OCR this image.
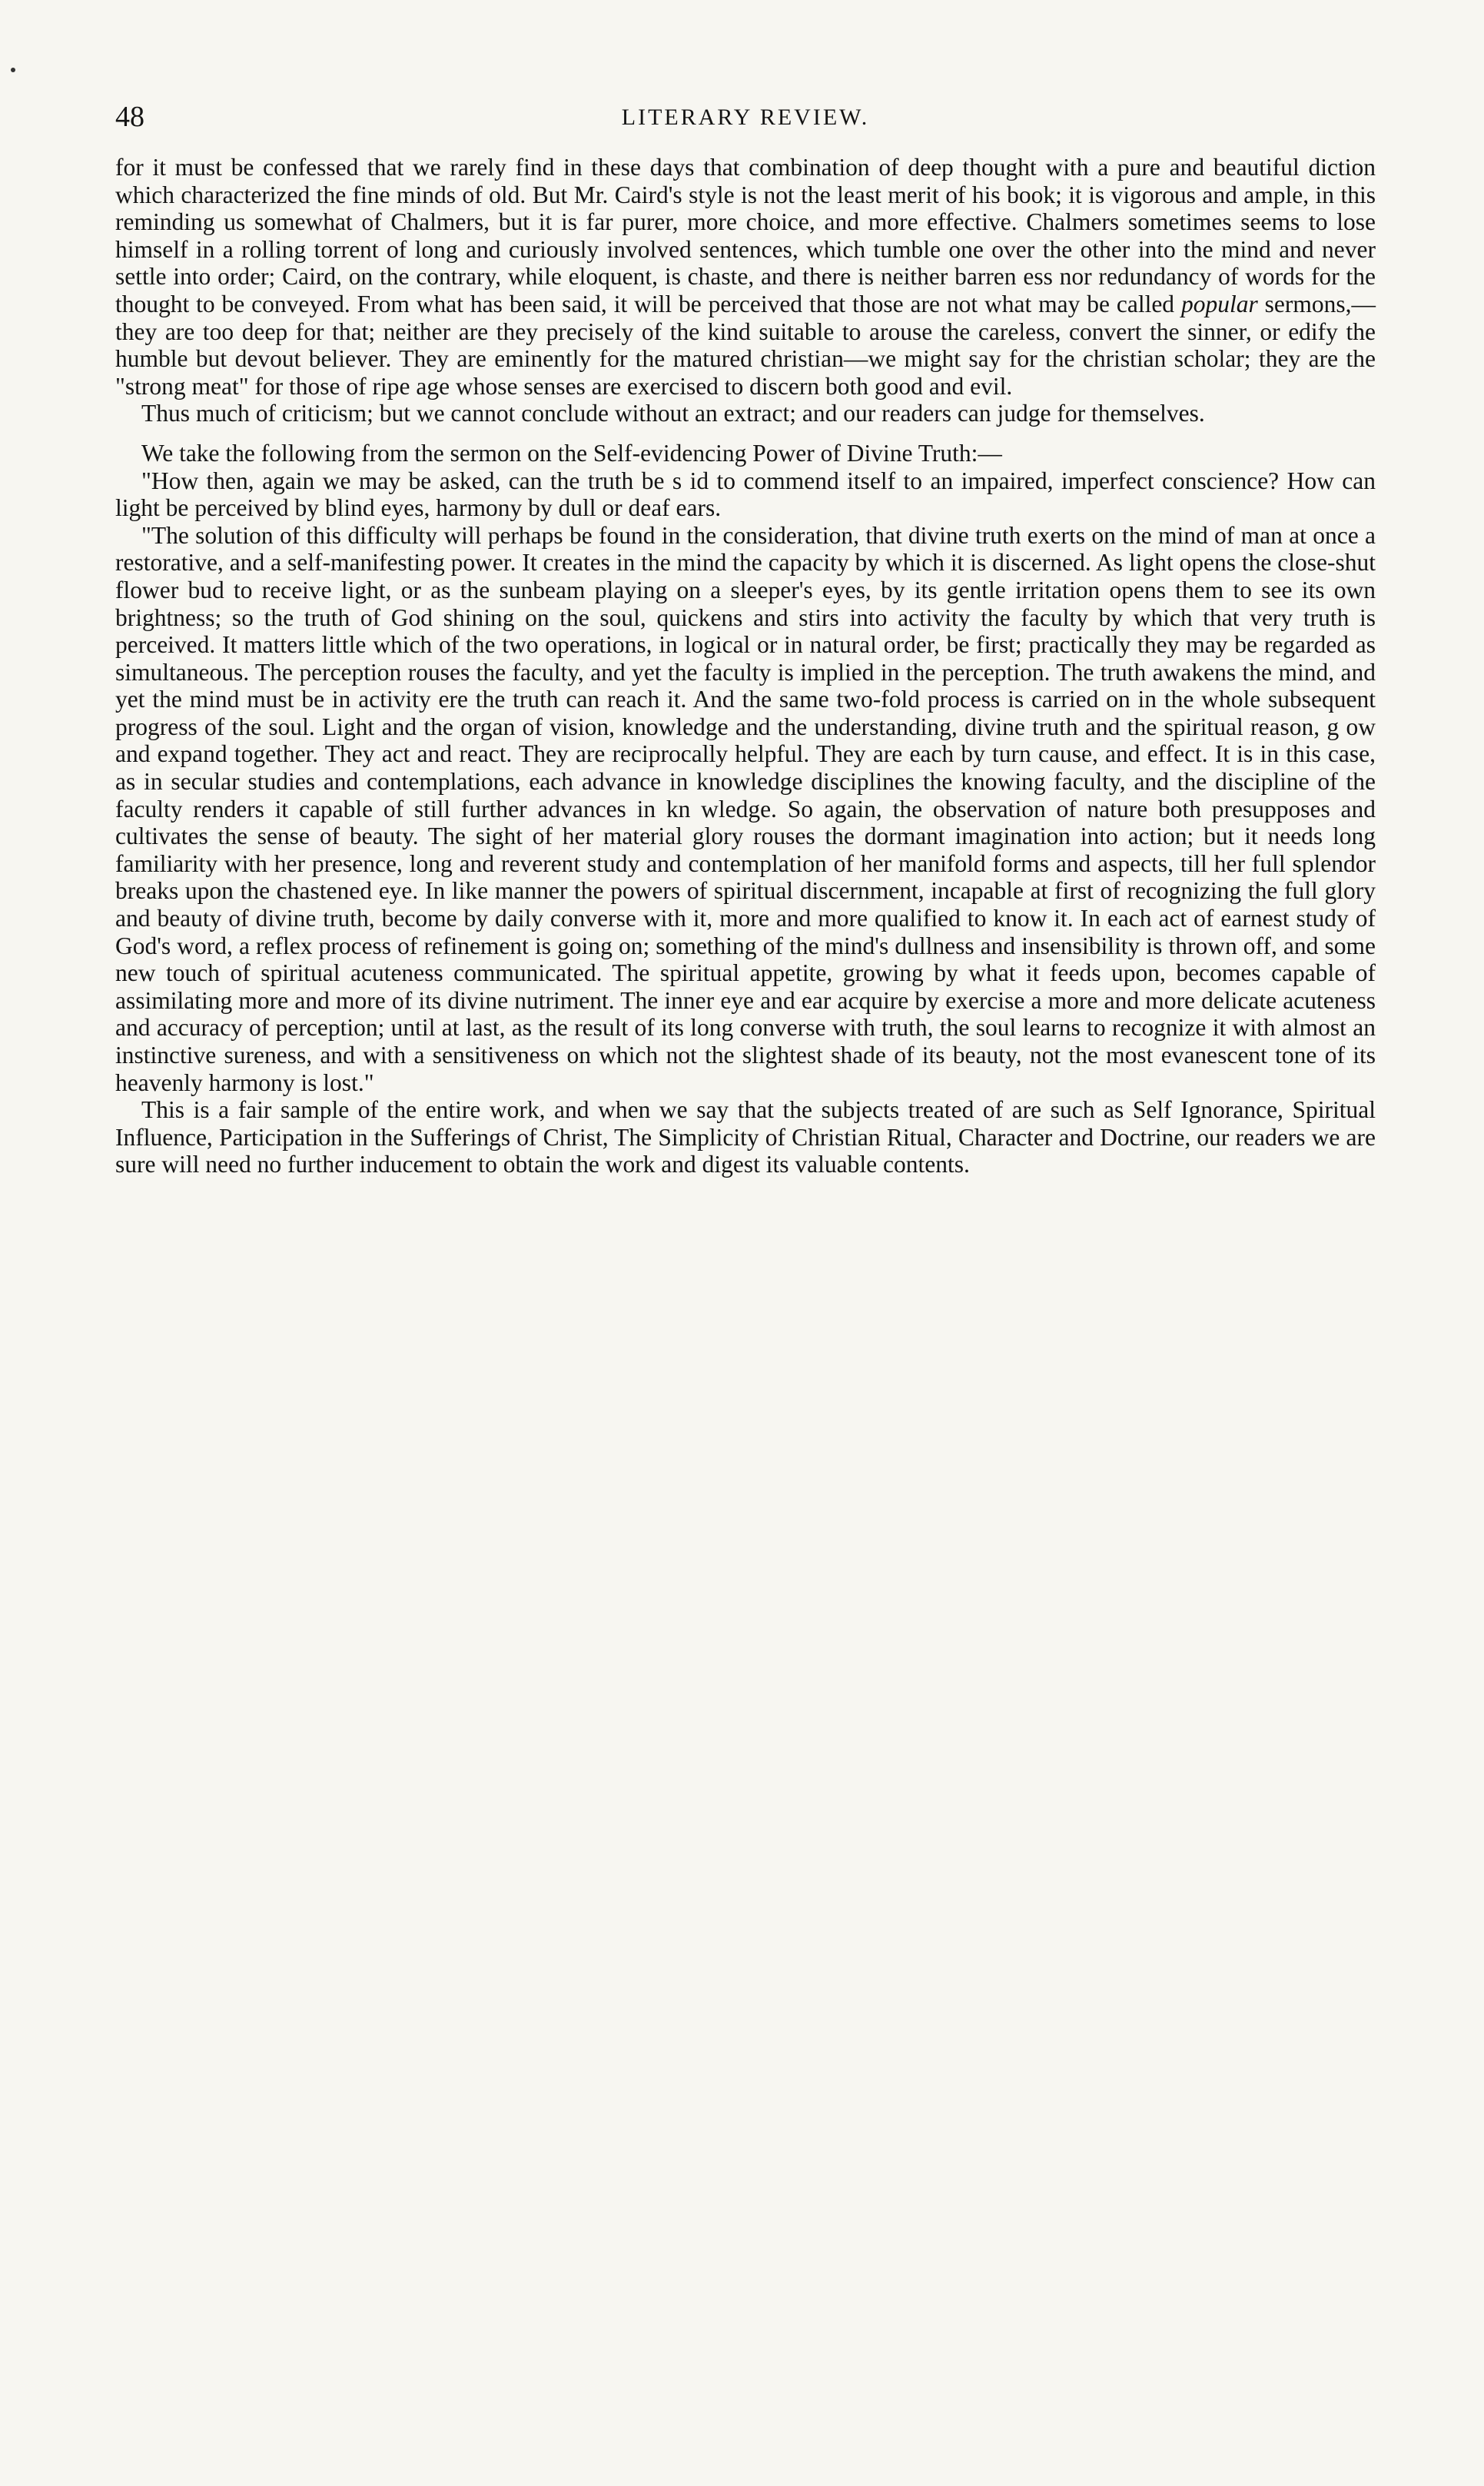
48	LITERARY REVIEW.

for it must be confessed that we rarely find in these days that combination of deep thought with a pure and beautiful diction which characterized the fine minds of old. But Mr. Caird's style is not the least merit of his book; it is vigorous and ample, in this reminding us somewhat of Chalmers, but it is far purer, more choice, and more effective. Chalmers sometimes seems to lose himself in a rolling torrent of long and curiously involved sentences, which tumble one over the other into the mind and never settle into order; Caird, on the contrary, while eloquent, is chaste, and there is neither barren ess nor redundancy of words for the thought to be conveyed. From what has been said, it will be perceived that those are not what may be called popular sermons,—they are too deep for that; neither are they precisely of the kind suitable to arouse the careless, convert the sinner, or edify the humble but devout believer. They are eminently for the matured christian—we might say for the christian scholar; they are the "strong meat" for those of ripe age whose senses are exercised to discern both good and evil.

Thus much of criticism; but we cannot conclude without an extract; and our readers can judge for themselves.

We take the following from the sermon on the Self-evidencing Power of Divine Truth:—

"How then, again we may be asked, can the truth be s id to commend itself to an impaired, imperfect conscience? How can light be perceived by blind eyes, harmony by dull or deaf ears.

"The solution of this difficulty will perhaps be found in the consideration, that divine truth exerts on the mind of man at once a restorative, and a self-manifesting power. It creates in the mind the capacity by which it is discerned. As light opens the close-shut flower bud to receive light, or as the sunbeam playing on a sleeper's eyes, by its gentle irritation opens them to see its own brightness; so the truth of God shining on the soul, quickens and stirs into activity the faculty by which that very truth is perceived. It matters little which of the two operations, in logical or in natural order, be first; practically they may be regarded as simultaneous. The perception rouses the faculty, and yet the faculty is implied in the perception. The truth awakens the mind, and yet the mind must be in activity ere the truth can reach it. And the same two-fold process is carried on in the whole subsequent progress of the soul. Light and the organ of vision, knowledge and the understanding, divine truth and the spiritual reason, g ow and expand together. They act and react. They are reciprocally helpful. They are each by turn cause, and effect. It is in this case, as in secular studies and contemplations, each advance in knowledge disciplines the knowing faculty, and the discipline of the faculty renders it capable of still further advances in kn wledge. So again, the observation of nature both presupposes and cultivates the sense of beauty. The sight of her material glory rouses the dormant imagination into action; but it needs long familiarity with her presence, long and reverent study and contemplation of her manifold forms and aspects, till her full splendor breaks upon the chastened eye. In like manner the powers of spiritual discernment, incapable at first of recognizing the full glory and beauty of divine truth, become by daily converse with it, more and more qualified to know it. In each act of earnest study of God's word, a reflex process of refinement is going on; something of the mind's dullness and insensibility is thrown off, and some new touch of spiritual acuteness communicated. The spiritual appetite, growing by what it feeds upon, becomes capable of assimilating more and more of its divine nutriment. The inner eye and ear acquire by exercise a more and more delicate acuteness and accuracy of perception; until at last, as the result of its long converse with truth, the soul learns to recognize it with almost an instinctive sureness, and with a sensitiveness on which not the slightest shade of its beauty, not the most evanescent tone of its heavenly harmony is lost."

This is a fair sample of the entire work, and when we say that the subjects treated of are such as Self Ignorance, Spiritual Influence, Participation in the Sufferings of Christ, The Simplicity of Christian Ritual, Character and Doctrine, our readers we are sure will need no further inducement to obtain the work and digest its valuable contents.
